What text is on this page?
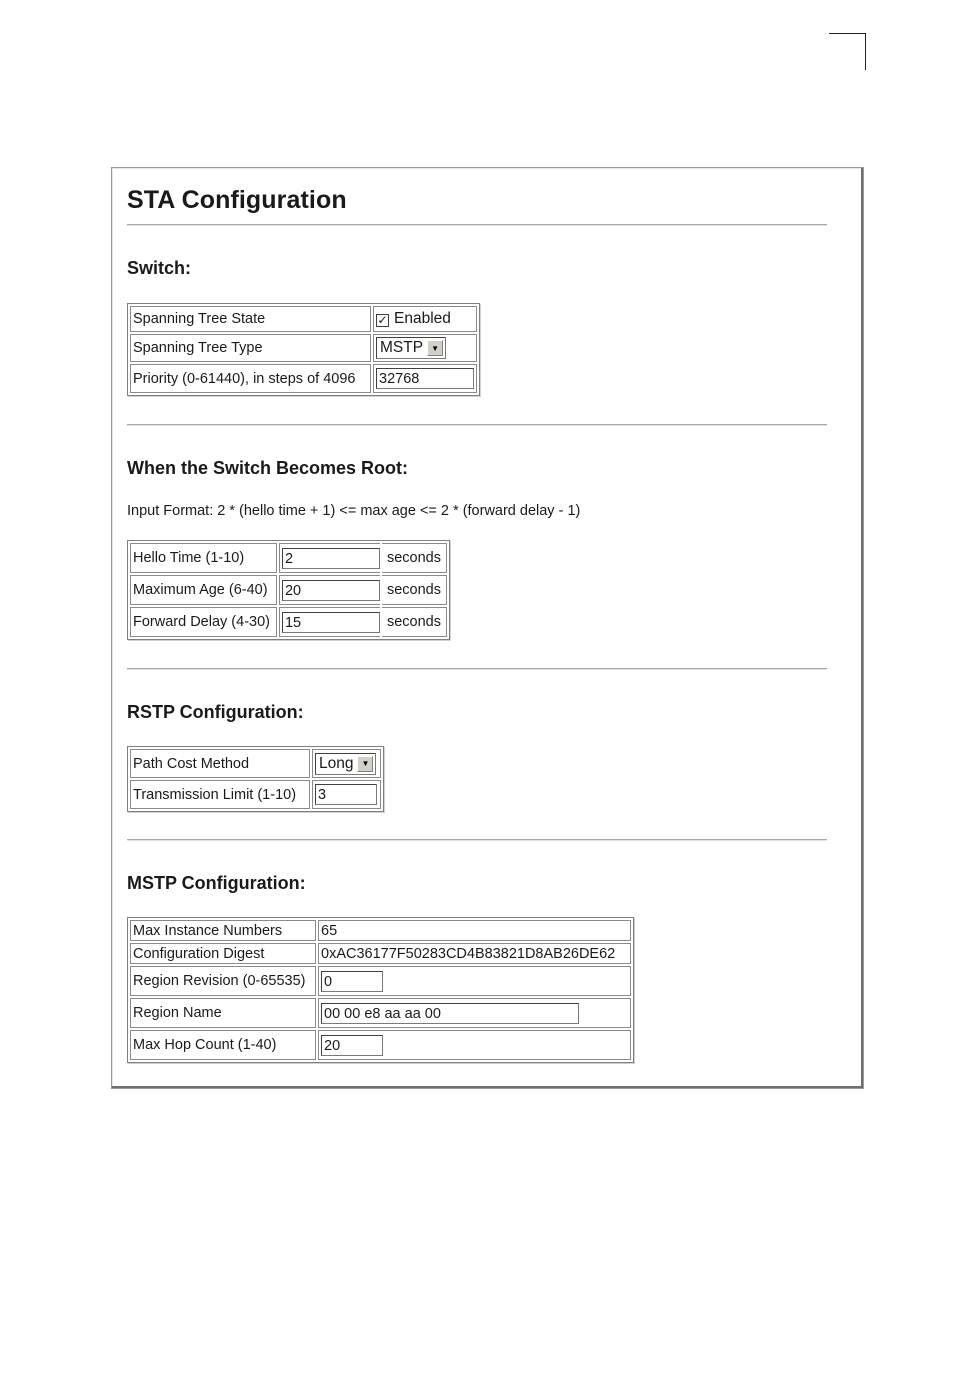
STA Configuration
Switch:
Spanning Tree State	✓ Enabled
Spanning Tree Type	MSTP ▼

Priority (0-61440), in steps of 4096	32768
When the Switch Becomes Root:
Input Format: 2 * (hello time + 1) <= max age <= 2 * (forward delay - 1)
Hello Time (1-10)	2	seconds
Maximum Age (6-40)	20	seconds
Forward Delay (4-30)	15	seconds
RSTP Configuration:
Path Cost Method	Long ▼

Transmission Limit (1-10)	3
MSTP Configuration:
Max Instance Numbers	65
Configuration Digest	0xAC36177F50283CD4B83821D8AB26DE62
Region Revision (0-65535)	0
Region Name	00 00 e8 aa aa 00
Max Hop Count (1-40)	20
